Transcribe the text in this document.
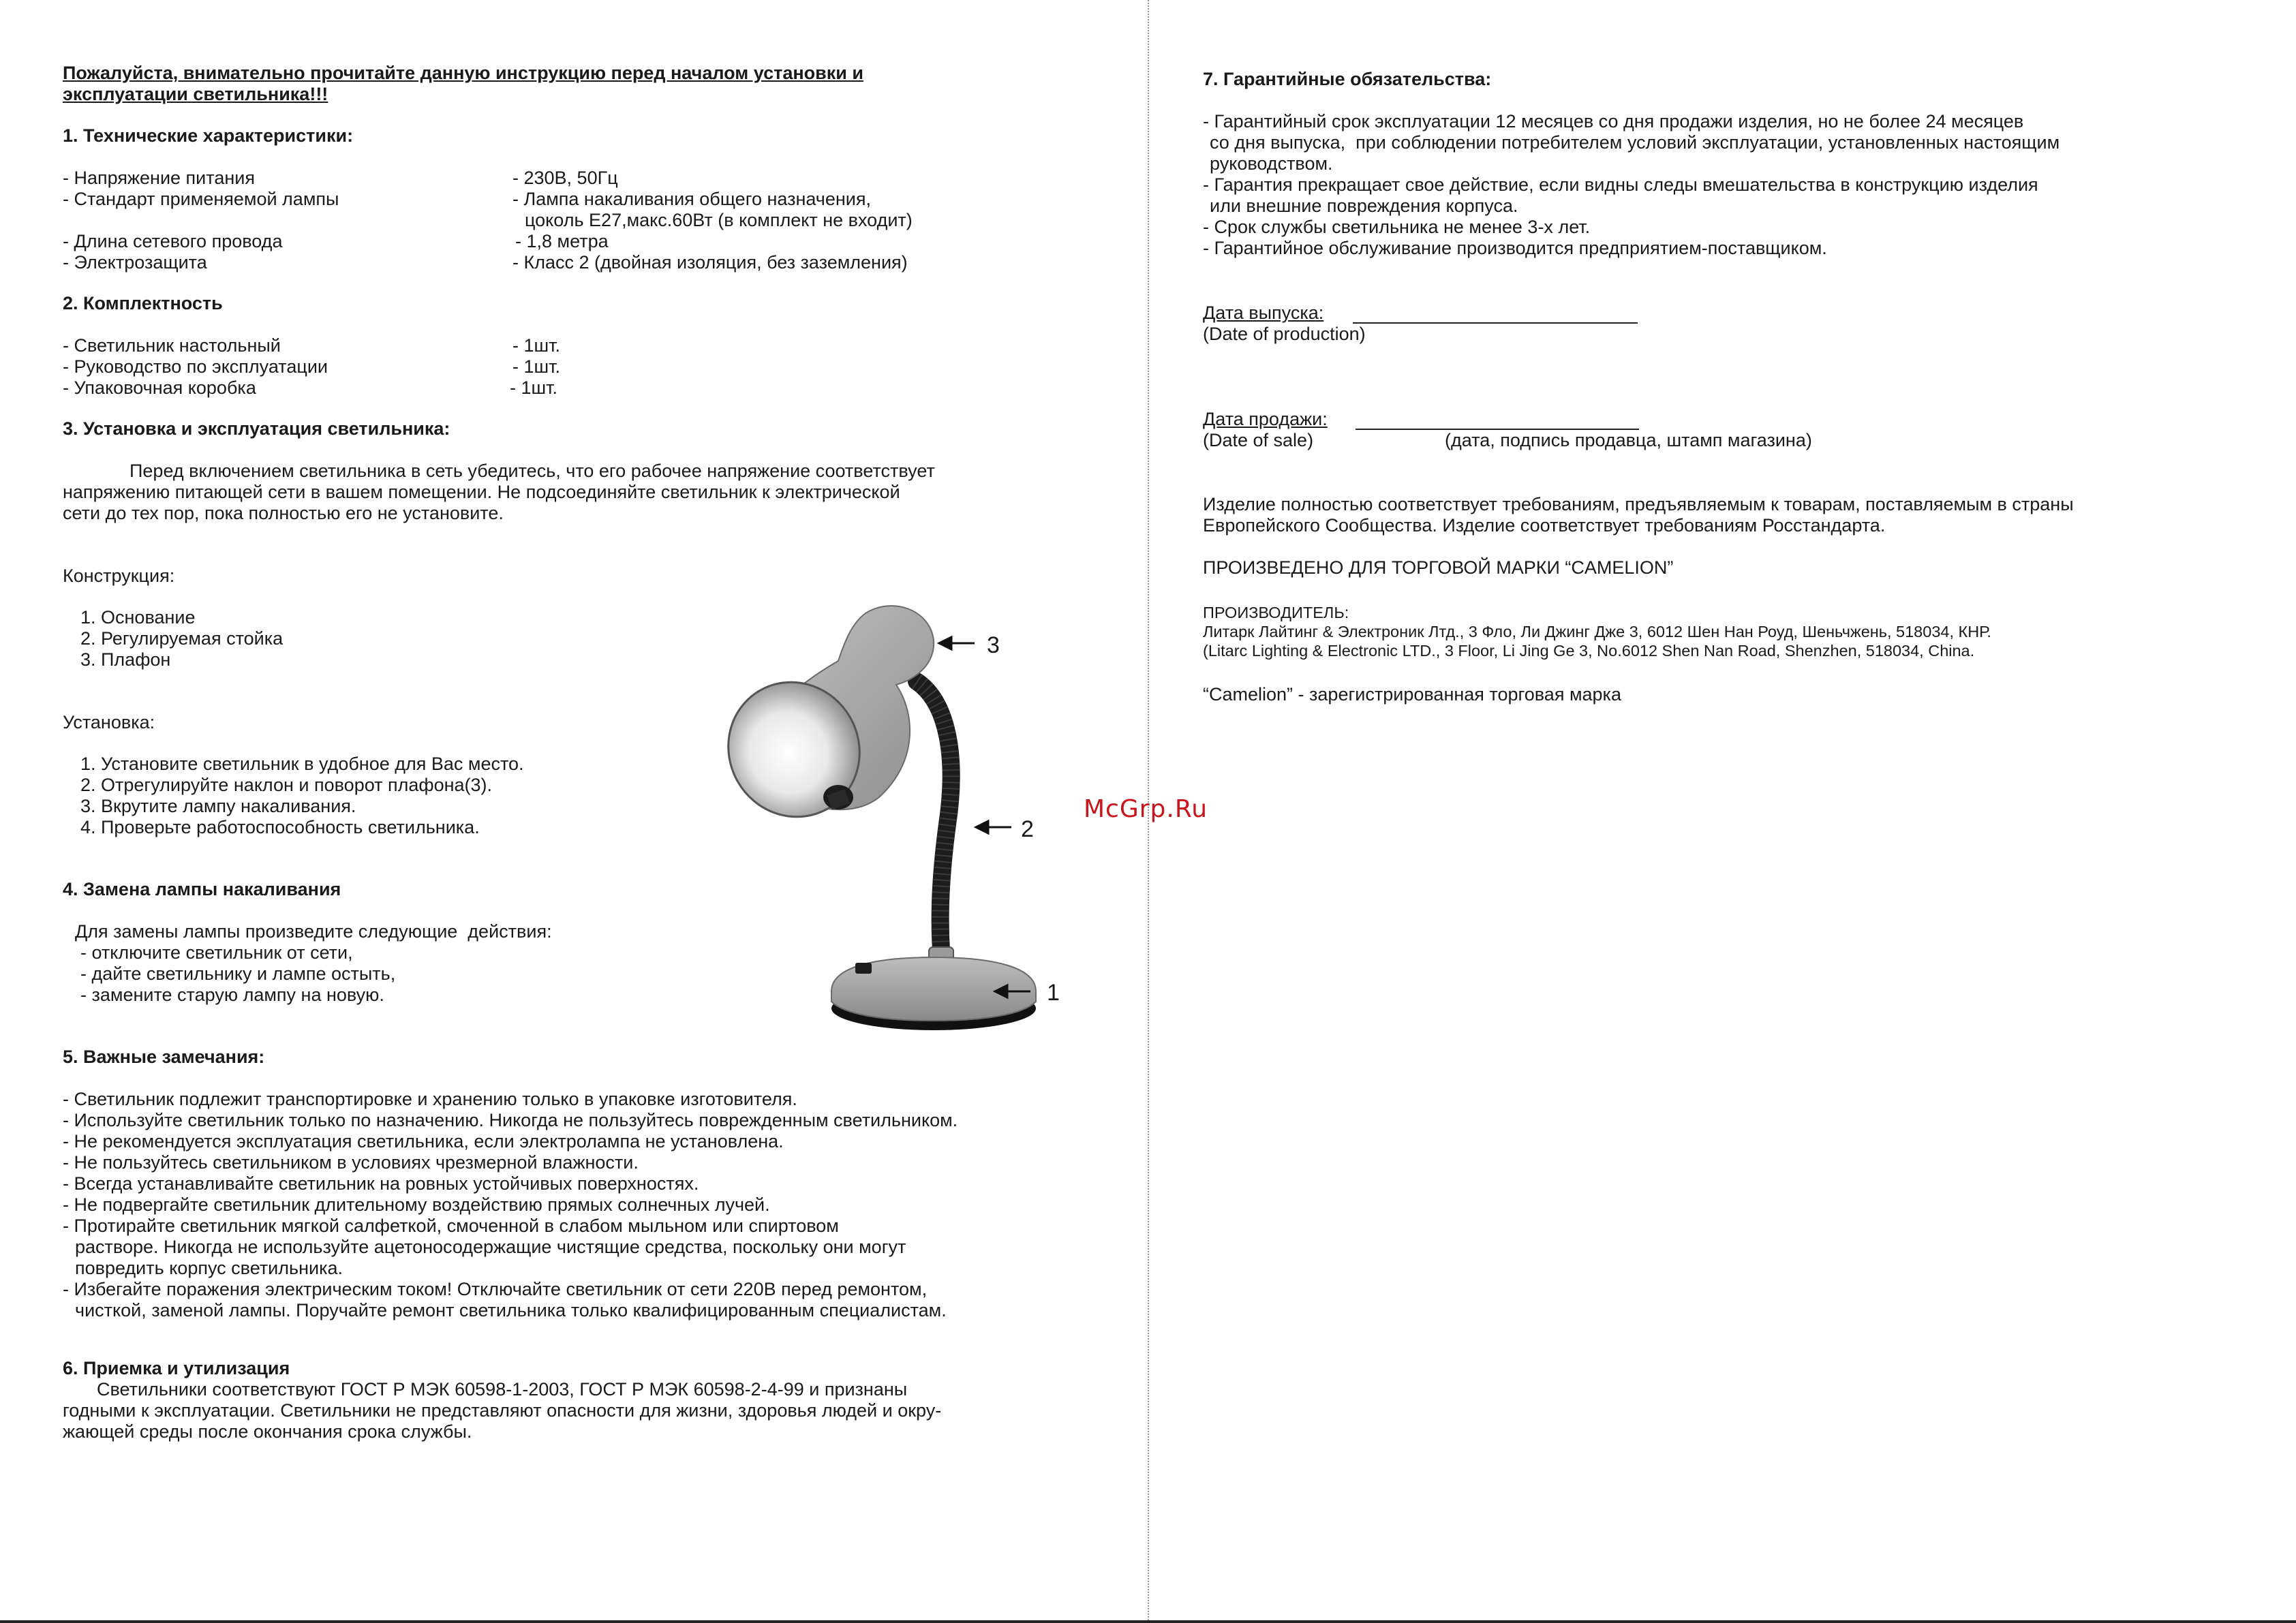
Пожалуйста, внимательно прочитайте данную инструкцию перед началом установки и
эксплуатации светильника!!!
1. Технические характеристики:
- Напряжение питания	- 230В, 50Гц
- Стандарт применяемой лампы	- Лампа накаливания общего назначения,
цоколь E27,макс.60Вт (в комплект не входит)
- Длина сетевого провода	- 1,8 метра
- Электрозащита	- Класс 2 (двойная изоляция, без заземления)
2. Комплектность
- Светильник настольный	- 1шт.
- Руководство по эксплуатации	- 1шт.
- Упаковочная коробка	- 1шт.
3. Установка и эксплуатация светильника:
Перед включением светильника в сеть убедитесь, что его рабочее напряжение соответствует
напряжению питающей сети в вашем помещении. Не подсоединяйте светильник к электрической
сети до тех пор, пока полностью его не установите.
Конструкция:
1. Основание
2. Регулируемая стойка
3. Плафон
Установка:
1. Установите светильник в удобное для Вас место.
2. Отрегулируйте наклон и поворот плафона(3).
3. Вкрутите лампу накаливания.
4. Проверьте работоспособность светильника.
4. Замена лампы накаливания
Для замены лампы произведите следующие  действия:
- отключите светильник от сети,
- дайте светильнику и лампе остыть,
- замените старую лампу на новую.
5. Важные замечания:
- Светильник подлежит транспортировке и хранению только в упаковке изготовителя.
- Используйте светильник только по назначению. Никогда не пользуйтесь поврежденным светильником.
- Не рекомендуется эксплуатация светильника, если электролампа не установлена.
- Не пользуйтесь светильником в условиях чрезмерной влажности.
- Всегда устанавливайте светильник на ровных устойчивых поверхностях.
- Не подвергайте светильник длительному воздействию прямых солнечных лучей.
- Протирайте светильник мягкой салфеткой, смоченной в слабом мыльном или спиртовом
растворе. Никогда не используйте ацетоносодержащие чистящие средства, поскольку они могут
повредить корпус светильника.
- Избегайте поражения электрическим током! Отключайте светильник от сети 220В перед ремонтом,
чисткой, заменой лампы. Поручайте ремонт светильника только квалифицированным специалистам.
6. Приемка и утилизация
Светильники соответствуют ГОСТ Р МЭК 60598-1-2003, ГОСТ Р МЭК 60598-2-4-99 и признаны
годными к эксплуатации. Светильники не представляют опасности для жизни, здоровья людей и окру-
жающей среды после окончания срока службы.
3
2
1
McGrp.Ru
7. Гарантийные обязательства:
- Гарантийный срок эксплуатации 12 месяцев со дня продажи изделия, но не более 24 месяцев
со дня выпуска,  при соблюдении потребителем условий эксплуатации, установленных настоящим
руководством.
- Гарантия прекращает свое действие, если видны следы вмешательства в конструкцию изделия
или внешние повреждения корпуса.
- Срок службы светильника не менее 3-х лет.
- Гарантийное обслуживание производится предприятием-поставщиком.
Дата выпуска:
(Date of production)
Дата продажи:
(Date of sale)	(дата, подпись продавца, штамп магазина)
Изделие полностью соответствует требованиям, предъявляемым к товарам, поставляемым в страны
Европейского Сообщества. Изделие соответствует требованиям Росстандарта.
ПРОИЗВЕДЕНО ДЛЯ ТОРГОВОЙ МАРКИ “CAMELION”
ПРОИЗВОДИТЕЛЬ:
Литарк Лайтинг & Электроник Лтд., 3 Фло, Ли Джинг Дже 3, 6012 Шен Нан Роуд, Шеньчжень, 518034, КНР.
(Litarc Lighting & Electronic LTD., 3 Floor, Li Jing Ge 3, No.6012 Shen Nan Road, Shenzhen, 518034, China.
“Camelion” - зарегистрированная торговая марка
